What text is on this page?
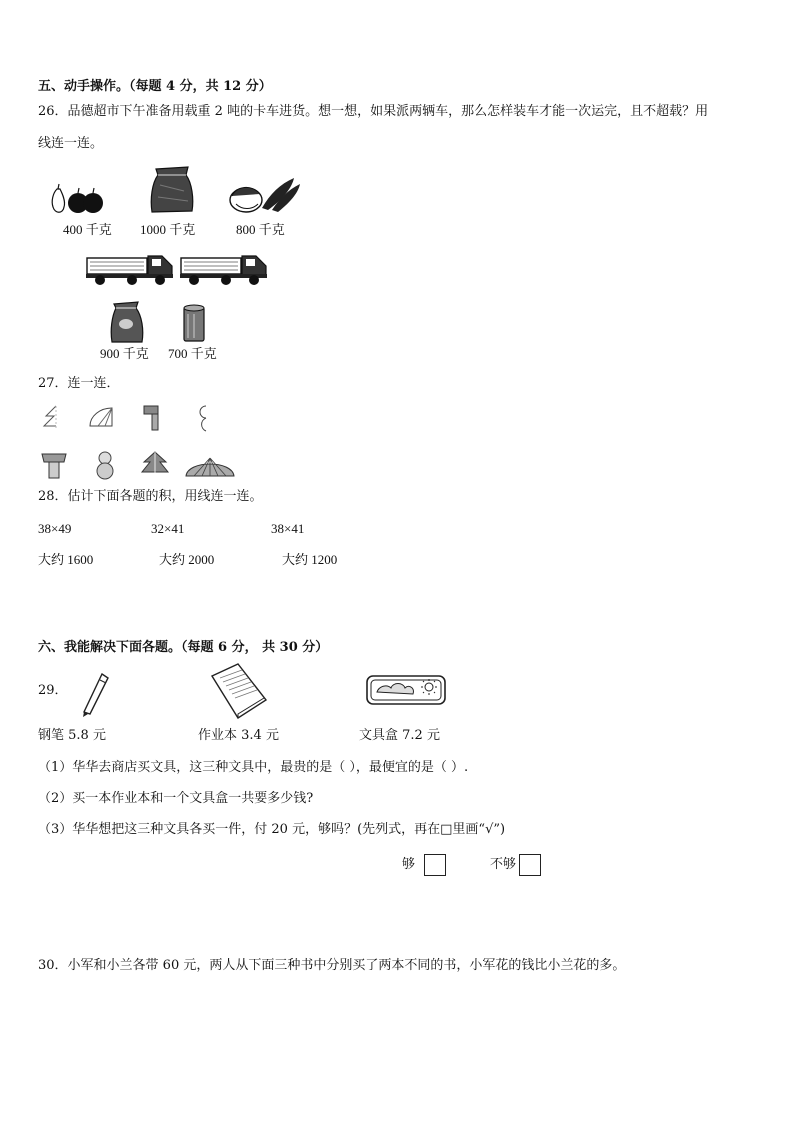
五、动手操作。（每题 4 分，共 12 分）
26．品德超市下午准备用载重 2 吨的卡车进货。想一想，如果派两辆车，那么怎样装车才能一次运完，且不超载？用
线连一连。
400 千克 1000 千克	800 千克
900 千克 700 千克
27．连一连．
28．估计下面各题的积，用线连一连。
38×49	32×41	38×41
大约 1600	大约 2000	大约 1200
六、我能解决下面各题。（每题 6 分， 共 30 分）
29．
钢笔 5.8 元	作业本 3.4 元	文具盒 7.2 元
（1）华华去商店买文具，这三种文具中，最贵的是（ ），最便宜的是（ ）.
（2）买一本作业本和一个文具盒一共要多少钱?
（3）华华想把这三种文具各买一件，付 20 元，够吗？(先列式，再在□里画“√”)
够	不够
30．小军和小兰各带 60 元，两人从下面三种书中分别买了两本不同的书，小军花的钱比小兰花的多。
